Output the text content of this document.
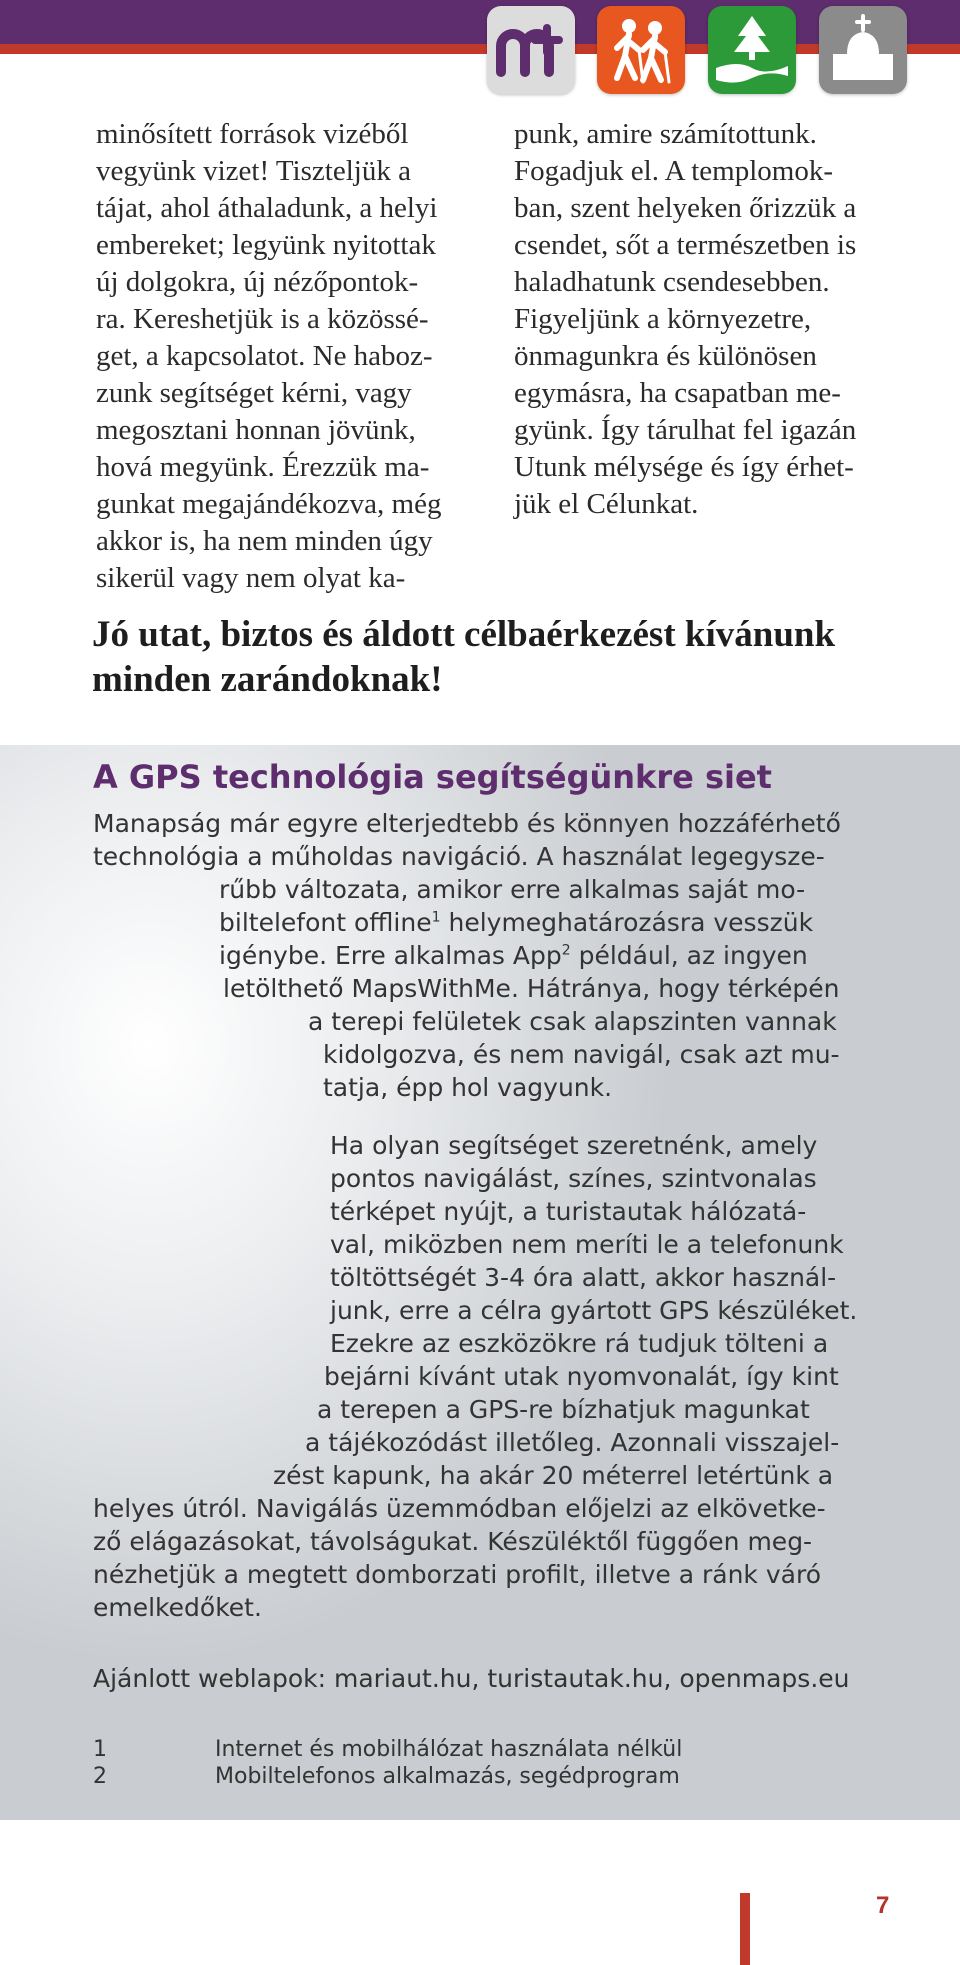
minősített források vizéből
vegyünk vizet! Tiszteljük a
tájat, ahol áthaladunk, a helyi
embereket; legyünk nyitottak
új dolgokra, új nézőpontok-
ra. Kereshetjük is a közössé-
get, a kapcsolatot. Ne haboz-
zunk segítséget kérni, vagy
megosztani honnan jövünk,
hová megyünk. Érezzük ma-
gunkat megajándékozva, még
akkor is, ha nem minden úgy
sikerül vagy nem olyat ka-
punk, amire számítottunk.
Fogadjuk el. A templomok-
ban, szent helyeken őrizzük a
csendet, sőt a természetben is
haladhatunk csendesebben.
Figyeljünk a környezetre,
önmagunkra és különösen
egymásra, ha csapatban me-
gyünk. Így tárulhat fel igazán
Utunk mélysége és így érhet-
jük el Célunkat.
Jó utat, biztos és áldott célbaérkezést kívánunk
minden zarándoknak!
A GPS technológia segítségünkre siet
Manapság már egyre elterjedtebb és könnyen hozzáférhető
technológia a műholdas navigáció. A használat legegysze-
rűbb változata, amikor erre alkalmas saját mo-
biltelefont offline$^1$ helymeghatározásra vesszük
igénybe. Erre alkalmas App$^2$ például, az ingyen
letölthető MapsWithMe. Hátránya, hogy térképén
a terepi felületek csak alapszinten vannak
kidolgozva, és nem navigál, csak azt mu-
tatja, épp hol vagyunk.
Ha olyan segítséget szeretnénk, amely
pontos navigálást, színes, szintvonalas
térképet nyújt, a turistautak hálózatá-
val, miközben nem meríti le a telefonunk
töltöttségét 3-4 óra alatt, akkor használ-
junk, erre a célra gyártott GPS készüléket.
Ezekre az eszközökre rá tudjuk tölteni a
bejárni kívánt utak nyomvonalát, így kint
a terepen a GPS-re bízhatjuk magunkat
a tájékozódást illetőleg. Azonnali visszajel-
zést kapunk, ha akár 20 méterrel letértünk a
helyes útról. Navigálás üzemmódban előjelzi az elkövetke-
ző elágazásokat, távolságukat. Készüléktől függően meg-
nézhetjük a megtett domborzati profilt, illetve a ránk váró
emelkedőket.
Ajánlott weblapok: mariaut.hu, turistautak.hu, openmaps.eu
1	Internet és mobilhálózat használata nélkül
2	Mobiltelefonos alkalmazás, segédprogram
7
